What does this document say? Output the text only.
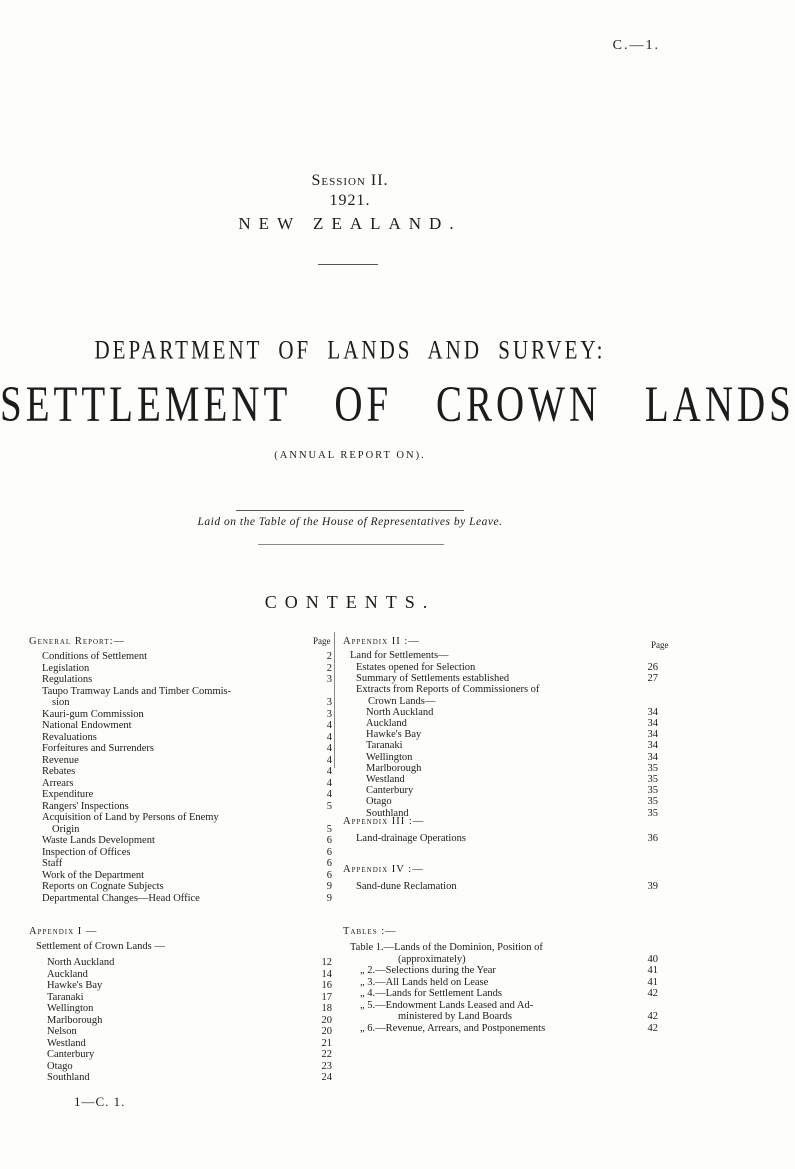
C.—1.
Session II.
1921.
NEW ZEALAND.
DEPARTMENT OF LANDS AND SURVEY:
SETTLEMENT OF CROWN LANDS
(ANNUAL REPORT ON).
Laid on the Table of the House of Representatives by Leave.
CONTENTS.
General Report:—	Page
Conditions of Settlement	2
Legislation	2
Regulations	3
Taupo Tramway Lands and Timber Commis-
sion	3
Kauri-gum Commission	3
National Endowment	4
Revaluations	4
Forfeitures and Surrenders	4
Revenue	4
Rebates	4
Arrears	4
Expenditure	4
Rangers' Inspections	5
Acquisition of Land by Persons of Enemy
Origin	5
Waste Lands Development	6
Inspection of Offices	6
Staff	6
Work of the Department	6
Reports on Cognate Subjects	9
Departmental Changes—Head Office	9
Appendix I —
Settlement of Crown Lands —
North Auckland	12
Auckland	14
Hawke's Bay	16
Taranaki	17
Wellington	18
Marlborough	20
Nelson	20
Westland	21
Canterbury	22
Otago	23
Southland	24
1—C. 1.
Appendix II :—	Page
Land for Settlements—
Estates opened for Selection	26
Summary of Settlements established	27
Extracts from Reports of Commissioners of
Crown Lands—
North Auckland	34
Auckland	34
Hawke's Bay	34
Taranaki	34
Wellington	34
Marlborough	35
Westland	35
Canterbury	35
Otago	35
Southland	35
Appendix III :—
Land-drainage Operations	36
Appendix IV :—
Sand-dune Reclamation	39
Tables :—
Table 1.—Lands of the Dominion, Position of
(approximately)	40
„ 2.—Selections during the Year	41
„ 3.—All Lands held on Lease	41
„ 4.—Lands for Settlement Lands	42
„ 5.—Endowment Lands Leased and Ad-
ministered by Land Boards	42
„ 6.—Revenue, Arrears, and Postponements	42
